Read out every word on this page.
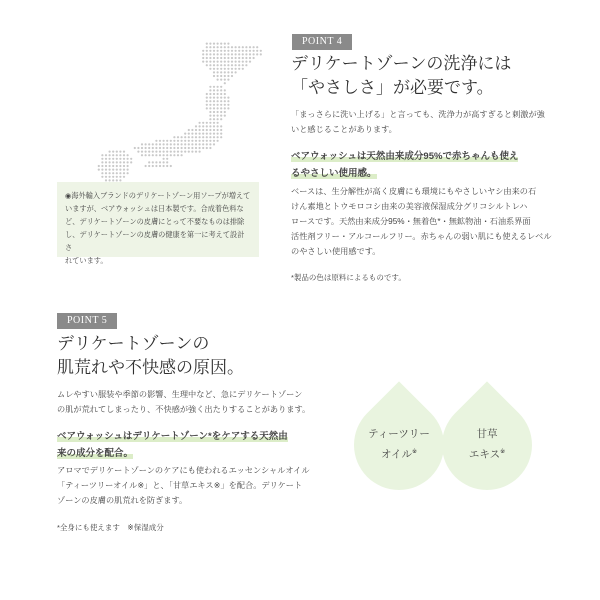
◉海外輸入ブランドのデリケートゾーン用ソープが増えて
いますが、ベアウォッシュは日本製です。合成着色料な
ど、デリケートゾーンの皮膚にとって不要なものは排除
し、デリケートゾーンの皮膚の健康を第一に考えて設計さ
れています。
POINT 4

デリケートゾーンの洗浄には

「やさしさ」が必要です。

「まっさらに洗い上げる」と言っても、洗浄力が高すぎると刺激が強

いと感じることがあります。

ベアウォッシュは天然由来成分95%で赤ちゃんも使え

るやさしい使用感。

ベースは、生分解性が高く皮膚にも環境にもやさしいヤシ由来の石

けん素地とトウモロコシ由来の美容液保湿成分グリコシルトレハ

ロースです。天然由来成分95%・無着色*・無鉱物油・石油系界面

活性剤フリー・アルコールフリー。赤ちゃんの弱い肌にも使えるレベル

のやさしい使用感です。

*製品の色は原料によるものです。

POINT 5

デリケートゾーンの

肌荒れや不快感の原因。

ムレやすい服装や季節の影響、生理中など、急にデリケートゾーン

の肌が荒れてしまったり、不快感が強く出たりすることがあります。

ベアウォッシュはデリケートゾーン*をケアする天然由

来の成分を配合。

アロマでデリケートゾーンのケアにも使われるエッセンシャルオイル

「ティーツリーオイル※」と、「甘草エキス※」を配合。デリケート

ゾーンの皮膚の肌荒れを防ぎます。

*全身にも使えます　※保湿成分

ティーツリー
オイル※
甘草
エキス※
